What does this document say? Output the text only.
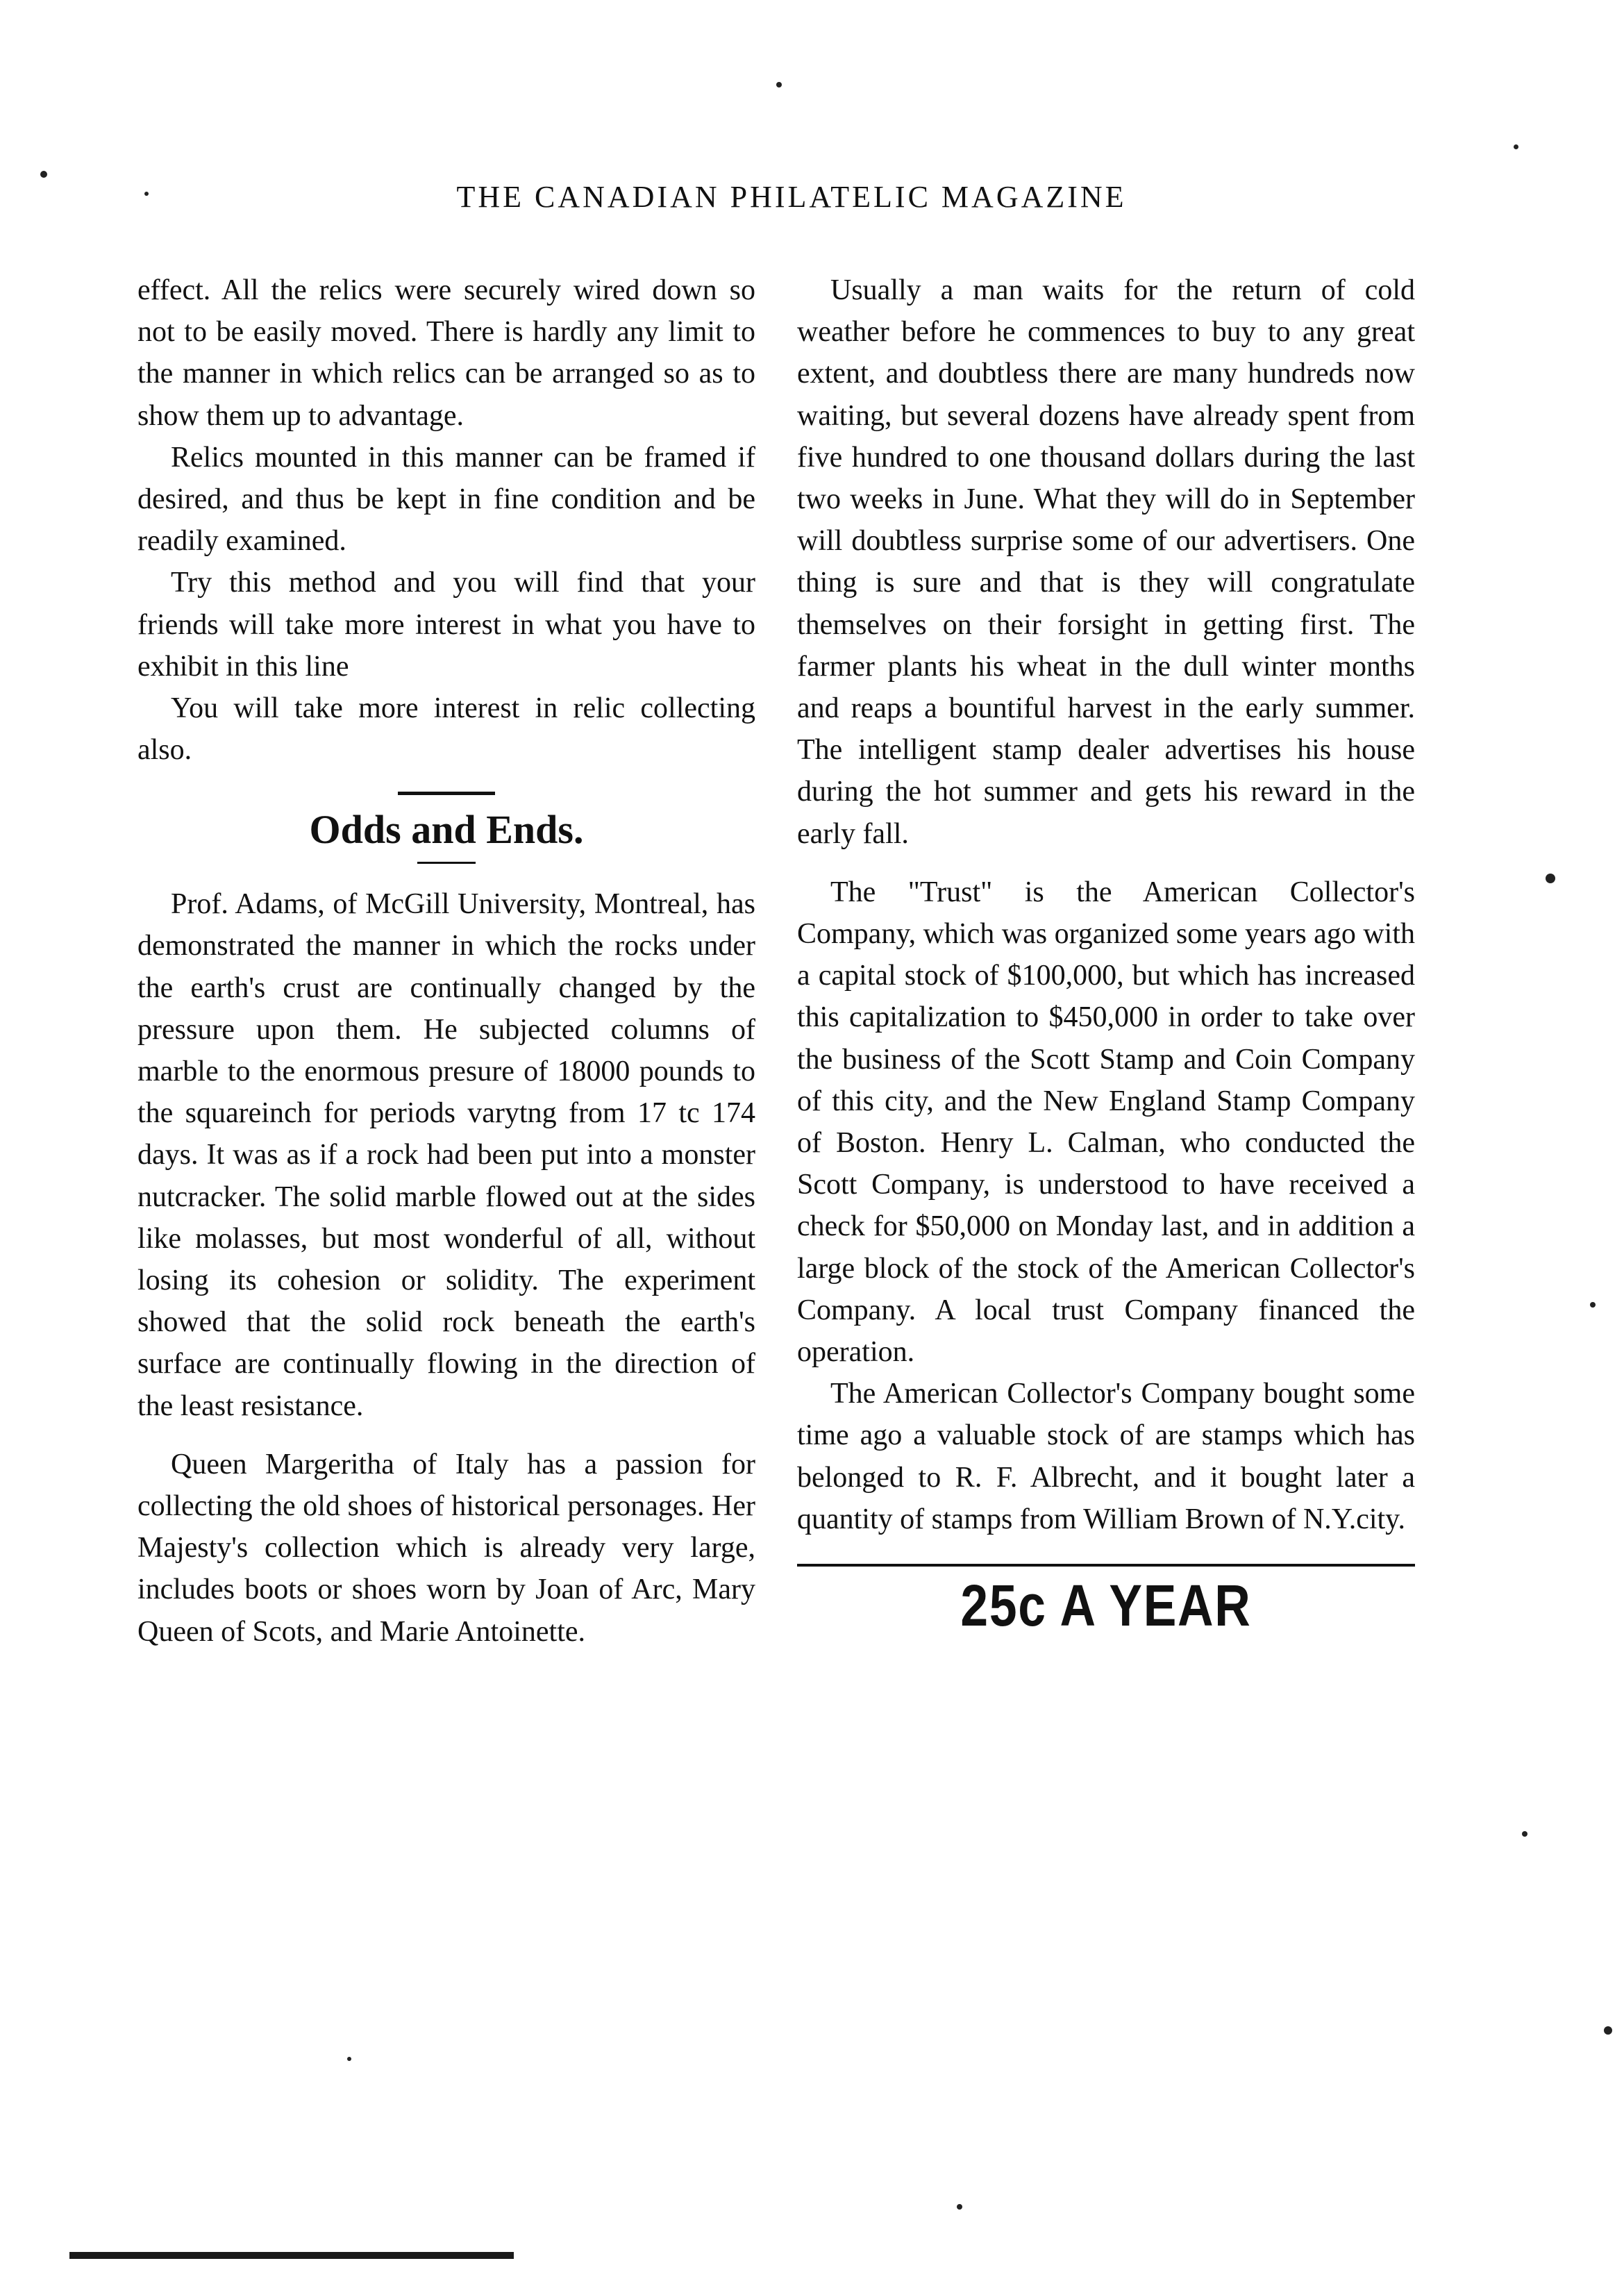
THE CANADIAN PHILATELIC MAGAZINE

effect. All the relics were securely wired down so not to be easily moved. There is hardly any limit to the manner in which relics can be arranged so as to show them up to advantage.

Relics mounted in this manner can be framed if desired, and thus be kept in fine condition and be readily examined.

Try this method and you will find that your friends will take more interest in what you have to exhibit in this line

You will take more interest in relic collecting also.

Odds and Ends.

Prof. Adams, of McGill University, Montreal, has demonstrated the manner in which the rocks under the earth's crust are continually changed by the pressure upon them. He subjected columns of marble to the enormous presure of 18000 pounds to the squareinch for periods varytng from 17 tc 174 days. It was as if a rock had been put into a monster nutcracker. The solid marble flowed out at the sides like molasses, but most wonderful of all, without losing its cohesion or solidity. The experiment showed that the solid rock beneath the earth's surface are continually flowing in the direction of the least resistance.

Queen Margeritha of Italy has a passion for collecting the old shoes of historical personages. Her Majesty's collection which is already very large, includes boots or shoes worn by Joan of Arc, Mary Queen of Scots, and Marie Antoinette.

Usually a man waits for the return of cold weather before he commences to buy to any great extent, and doubtless there are many hundreds now waiting, but several dozens have already spent from five hundred to one thousand dollars during the last two weeks in June. What they will do in September will doubtless surprise some of our advertisers. One thing is sure and that is they will congratulate themselves on their forsight in getting first. The farmer plants his wheat in the dull winter months and reaps a bountiful harvest in the early summer. The intelligent stamp dealer advertises his house during the hot summer and gets his reward in the early fall.

The "Trust" is the American Collector's Company, which was organized some years ago with a capital stock of $100,000, but which has increased this capitalization to $450,000 in order to take over the business of the Scott Stamp and Coin Company of this city, and the New England Stamp Company of Boston. Henry L. Calman, who conducted the Scott Company, is understood to have received a check for $50,000 on Monday last, and in addition a large block of the stock of the American Collector's Company. A local trust Company financed the operation.

The American Collector's Company bought some time ago a valuable stock of are stamps which has belonged to R. F. Albrecht, and it bought later a quantity of stamps from William Brown of N.Y.city.

25c A YEAR
